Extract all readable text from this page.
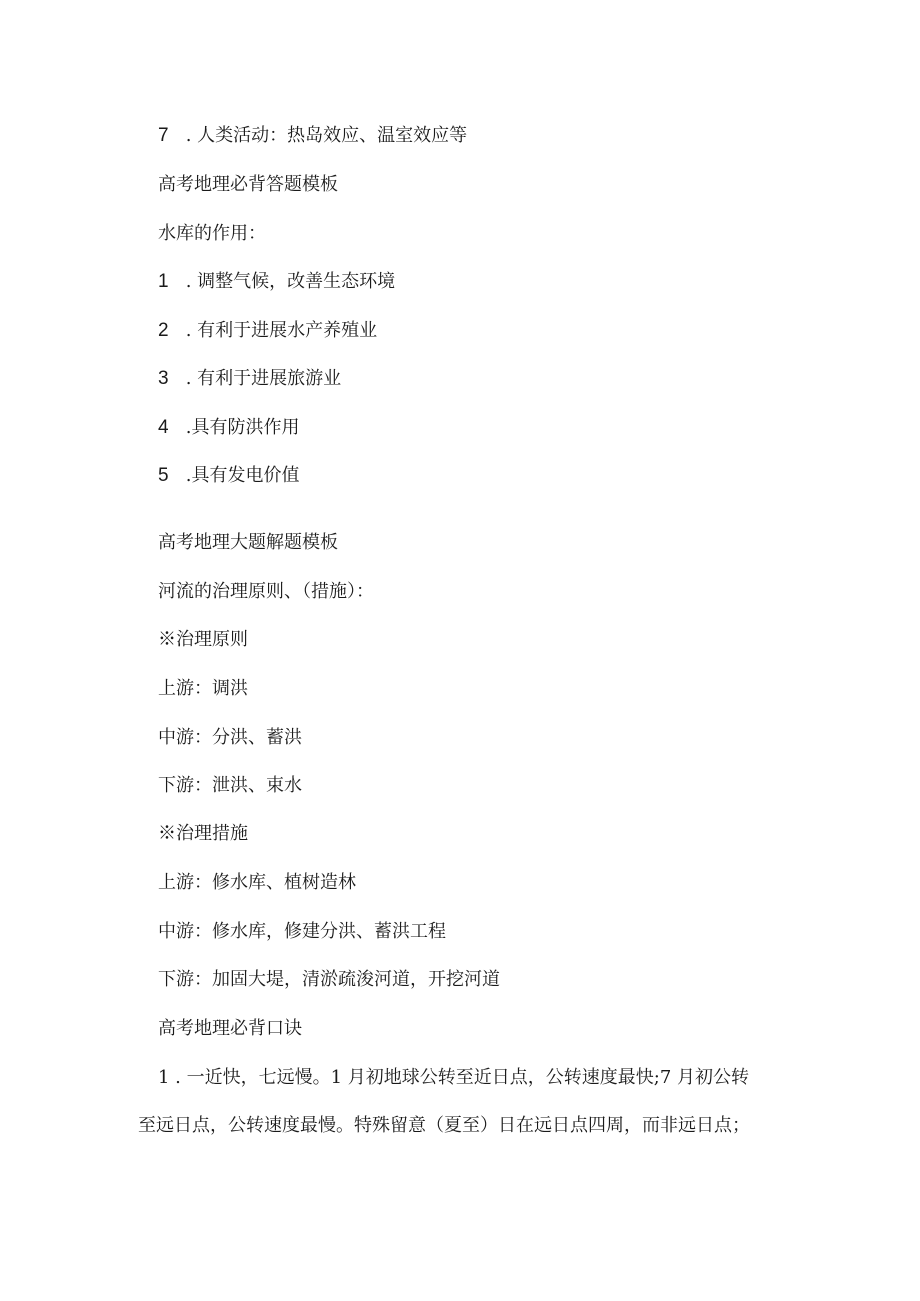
7 . 人类活动：热岛效应、温室效应等
高考地理必背答题模板
水库的作用：
1 . 调整气候，改善生态环境
2 . 有利于进展水产养殖业
3 . 有利于进展旅游业
4 .具有防洪作用
5 .具有发电价值
高考地理大题解题模板
河流的治理原则、（措施）：
※治理原则
上游：调洪
中游：分洪、蓄洪
下游：泄洪、束水
※治理措施
上游：修水库、植树造林
中游：修水库，修建分洪、蓄洪工程
下游：加固大堤，清淤疏浚河道，开挖河道
高考地理必背口诀
1 . 一近快，七远慢。1 月初地球公转至近日点，公转速度最快;7 月初公转
至远日点，公转速度最慢。特殊留意（夏至）日在远日点四周，而非远日点；
